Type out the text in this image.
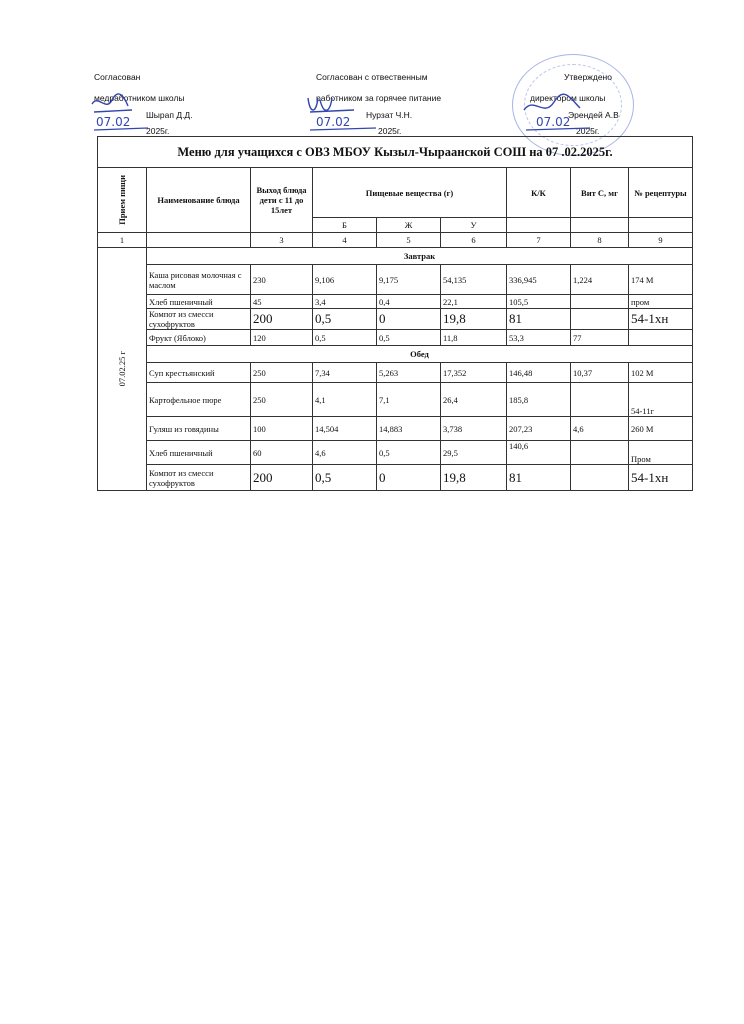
Согласован
медработником школы
Шырап Д.Д.
2025г.
Согласован с отвественным
работником за горячее питание
Нурзат Ч.Н.
2025г.
Утверждено
директором школы
Эрендей А.В
2025г.
07.02	07.02	07.02
Меню для учащихся с ОВЗ МБОУ Кызыл-Чыраанской СОШ на 07 .02.2025г.								

Прием пищи	Наименование блюда	Выход блюда дети с 11 до 15лет	Пищевые вещества (г)			К/К	Вит С, мг	№ рецептуры
			Б	Ж	У			
1		3	4	5	6	7	8	9

07.02.25 г	Завтрак							
	Каша рисовая молочная с маслом	230	9,106	9,175	54,135	336,945	1,224	174 М
	Хлеб пшеничный	45	3,4	0,4	22,1	105,5		пром
	Компот из смесси сухофруктов	200	0,5	0	19,8	81		54-1хн
	Фрукт (Яблоко)	120	0,5	0,5	11,8	53,3	77	
	Обед							
	Суп крестьянский	250	7,34	5,263	17,352	146,48	10,37	102 М
	Картофельное пюре	250	4,1	7,1	26,4	185,8		54-11г
	Гуляш из говядины	100	14,504	14,883	3,738	207,23	4,6	260 М
	Хлеб пшеничный	60	4,6	0,5	29,5	140,6		Пром
	Компот из смесси сухофруктов	200	0,5	0	19,8	81		54-1хн
